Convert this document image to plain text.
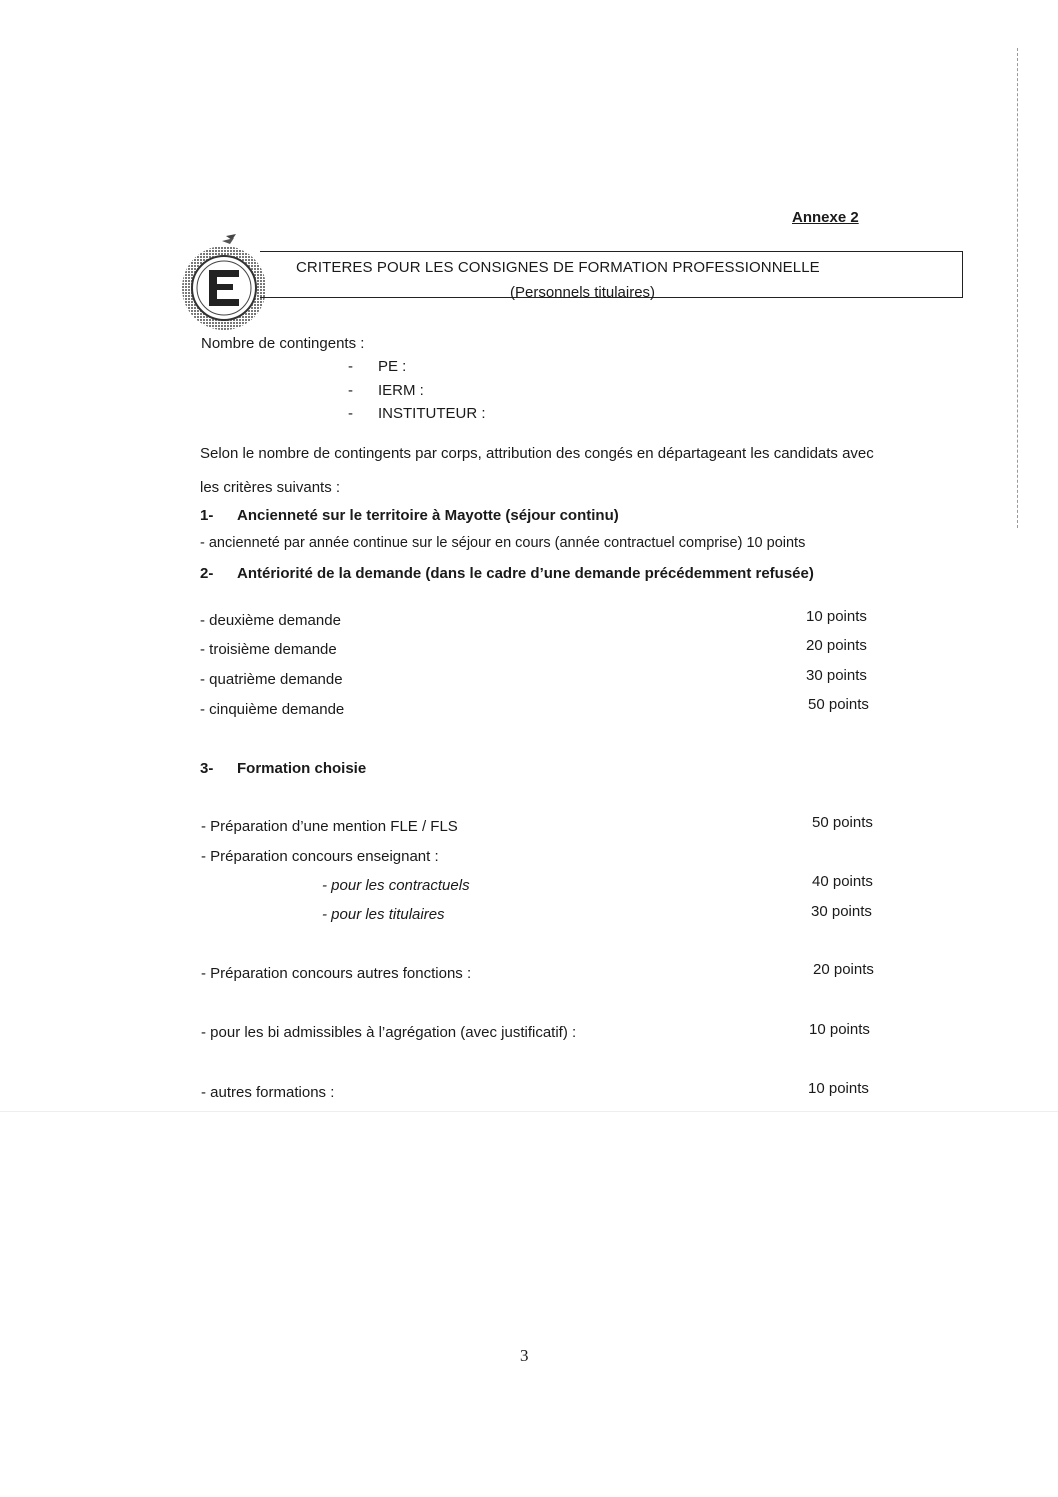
Annexe 2
CRITERES POUR LES CONSIGNES DE FORMATION PROFESSIONNELLE
(Personnels titulaires)
Nombre de contingents :
- PE :
- IERM :
- INSTITUTEUR :
Selon le nombre de contingents par corps, attribution des congés en départageant les candidats avec
les critères suivants :
1- Ancienneté sur le territoire à Mayotte (séjour continu)
- ancienneté par année continue sur le séjour en cours (année contractuel comprise) 10 points
2- Antériorité de la demande (dans le cadre d’une demande précédemment refusée)
- deuxième demande	10 points
- troisième demande	20 points
- quatrième demande	30 points
- cinquième demande	50 points
3- Formation choisie
- Préparation d’une mention FLE / FLS	50 points
- Préparation concours enseignant :
- pour les contractuels	40 points
- pour les titulaires	30 points
- Préparation concours autres fonctions :	20 points
- pour les bi admissibles à l’agrégation (avec justificatif) :	10 points
- autres formations :	10 points
3
